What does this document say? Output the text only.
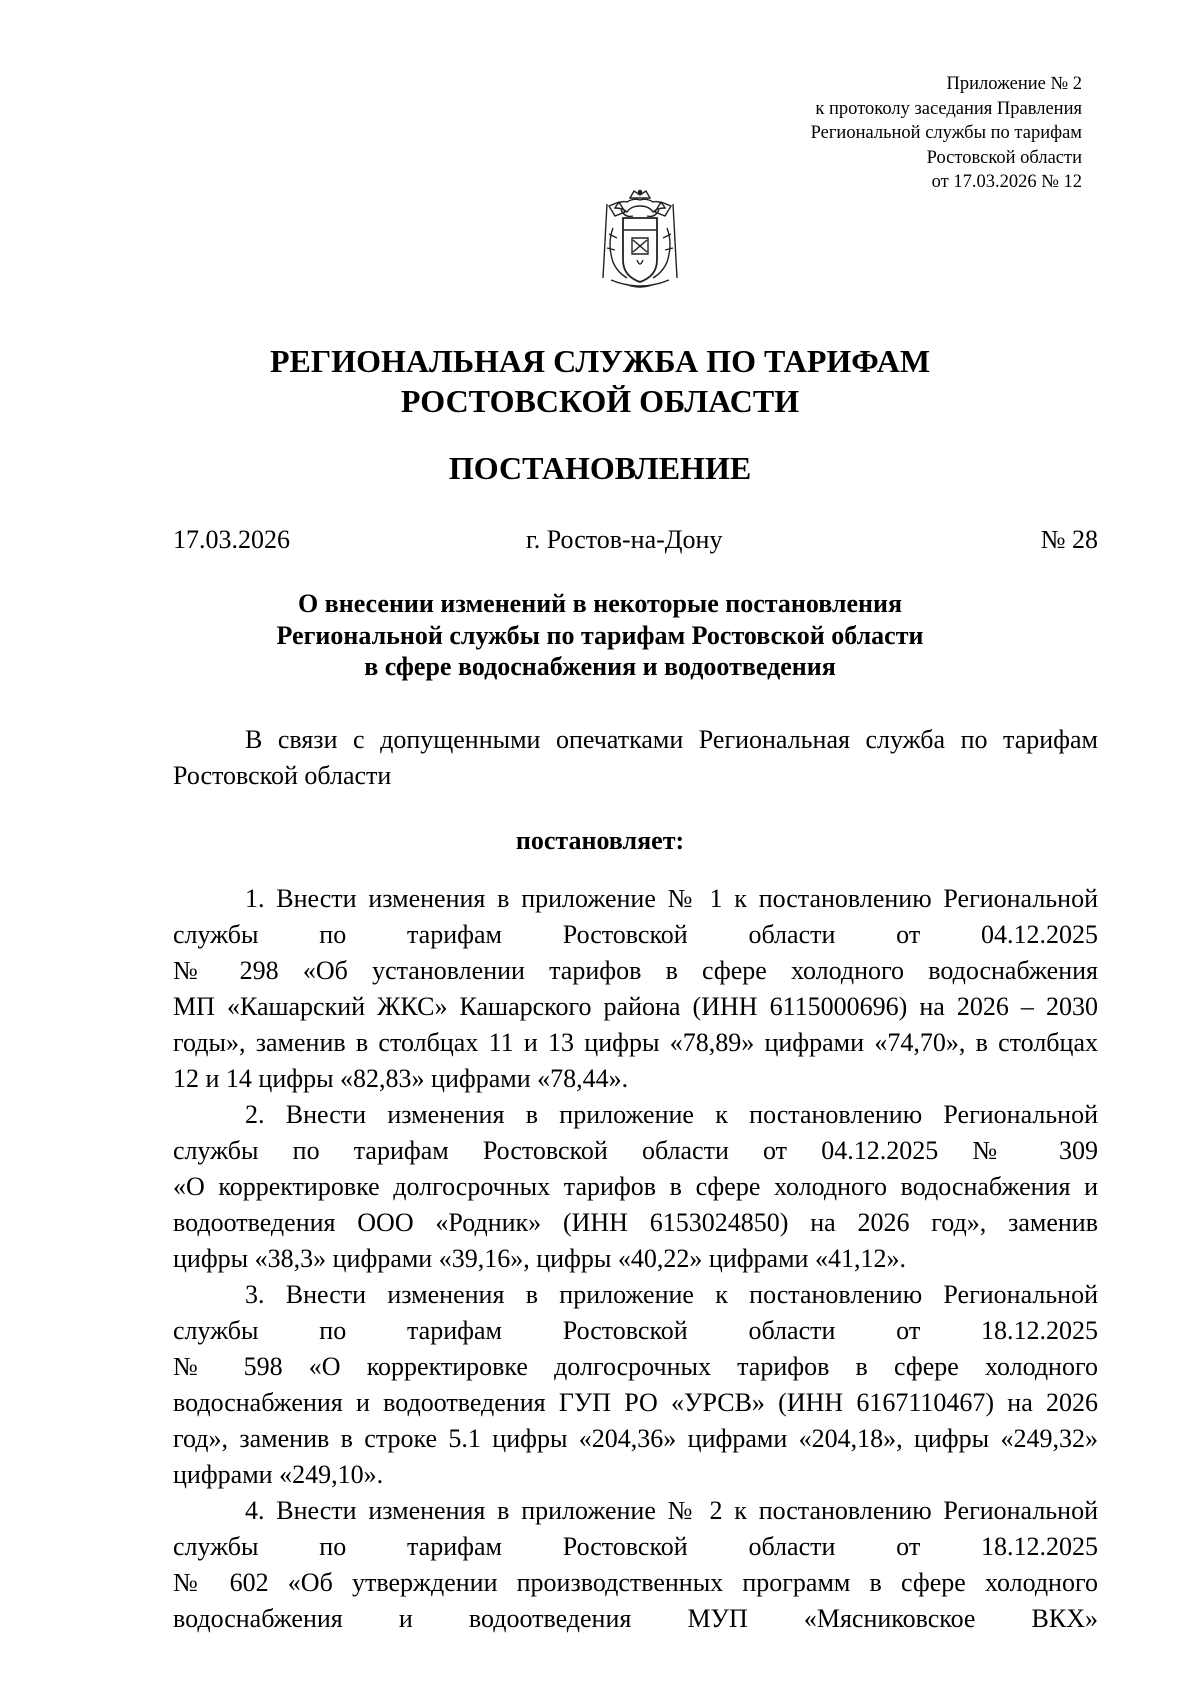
Приложение № 2
к протоколу заседания Правления
Региональной службы по тарифам
Ростовской области
от 17.03.2026 № 12
РЕГИОНАЛЬНАЯ СЛУЖБА ПО ТАРИФАМ
РОСТОВСКОЙ ОБЛАСТИ
ПОСТАНОВЛЕНИЕ
17.03.2026	г. Ростов-на-Дону	№ 28
О внесении изменений в некоторые постановления
Региональной службы по тарифам Ростовской области
в сфере водоснабжения и водоотведения
В связи с допущенными опечатками Региональная служба по тарифам
Ростовской области
постановляет:
1. Внести изменения в приложение № 1 к постановлению Региональной
службы по тарифам Ростовской области от 04.12.2025
№ 298 «Об установлении тарифов в сфере холодного водоснабжения
МП «Кашарский ЖКС» Кашарского района (ИНН 6115000696) на 2026 – 2030
годы», заменив в столбцах 11 и 13 цифры «78,89» цифрами «74,70», в столбцах
12 и 14 цифры «82,83» цифрами «78,44».
2. Внести изменения в приложение к постановлению Региональной
службы по тарифам Ростовской области от 04.12.2025 № 309
«О корректировке долгосрочных тарифов в сфере холодного водоснабжения и
водоотведения ООО «Родник» (ИНН 6153024850) на 2026 год», заменив
цифры «38,3» цифрами «39,16», цифры «40,22» цифрами «41,12».
3. Внести изменения в приложение к постановлению Региональной
службы по тарифам Ростовской области от 18.12.2025
№ 598 «О корректировке долгосрочных тарифов в сфере холодного
водоснабжения и водоотведения ГУП РО «УРСВ» (ИНН 6167110467) на 2026
год», заменив в строке 5.1 цифры «204,36» цифрами «204,18», цифры «249,32»
цифрами «249,10».
4. Внести изменения в приложение № 2 к постановлению Региональной
службы по тарифам Ростовской области от 18.12.2025
№ 602 «Об утверждении производственных программ в сфере холодного
водоснабжения и водоотведения МУП «Мясниковское ВКХ»
